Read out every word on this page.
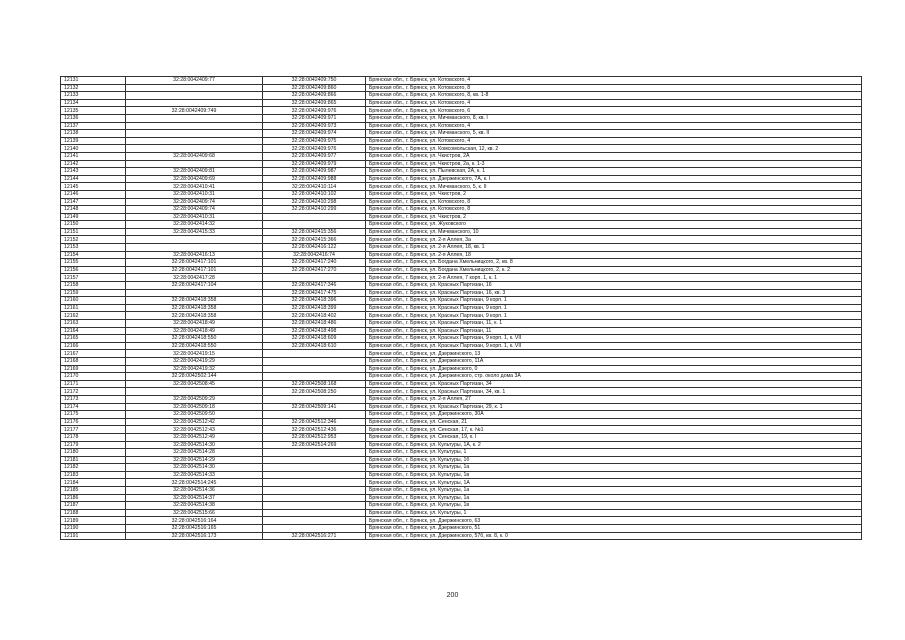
12131	32:28:0042409:77	32:28:0042409:750	Брянская обл., г. Брянск, ул. Котовского, 4
12132		32:28:0042409:860	Брянская обл., г. Брянск, ул. Котовского, 8
12133		32:28:0042409:866	Брянская обл., г. Брянск, ул. Котовского, 8, кв. 1-8
12134		32:28:0042409:865	Брянская обл., г. Брянск, ул. Котовского, 4
12135	32:28:0042409:749	32:28:0042409:976	Брянская обл., г. Брянск, ул. Котовского, 6
12136		32:28:0042409:971	Брянская обл., г. Брянск, ул. Мичманского, 8, кв. I
12137		32:28:0042409:973	Брянская обл., г. Брянск, ул. Котовского, 4
12138		32:28:0042409:974	Брянская обл., г. Брянск, ул. Мичманского, 5, кв. II
12139		32:28:0042409:975	Брянская обл., г. Брянск, ул. Котовского, 4
12140		32:28:0042409:976	Брянская обл., г. Брянск, ул. Комсомольская, 12, кв. 2
12141	32:28:0042409:68	32:28:0042409:977	Брянская обл., г. Брянск, ул. Чкистров, 2А
12142		32:28:0042409:979	Брянская обл., г. Брянск, ул. Чкистров, 2а, к. 1-3
12143	32:28:0042409:81	32:28:0042409:987	Брянская обл., г. Брянск, ул. Пылевская, 2А, к. 1
12144	32:28:0042409:69	32:28:0042409:988	Брянская обл., г. Брянск, ул. Дзержинского, 7А, к. I
12145	32:28:0042410:41	32:28:0042410:114	Брянская обл., г. Брянск, ул. Мичманского, 5, к. II
12146	32:28:0042410:31	32:28:0042410:102	Брянская обл., г. Брянск, ул. Чкистров, 2
12147	32:28:0042409:74	32:28:0042410:298	Брянская обл., г. Брянск, ул. Котовского, 8
12148	32:28:0042409:74	32:28:0042410:299	Брянская обл., г. Брянск, ул. Котовского, 8
12149	32:28:0042410:31		Брянская обл., г. Брянск, ул. Чкистров, 2
12150	32:28:0042414:32		Брянская обл., г. Брянск, ул. Жуковского
12151	32:28:0042415:33	32:28:0042415:356	Брянская обл., г. Брянск, ул. Мичманского, 10
12152		32:28:0042415:366	Брянская обл., г. Брянск, ул. 2-я Аллея, 3а
12153		32:28:0042416:122	Брянская обл., г. Брянск, ул. 2-я Аллея, 18, кв. 1
12154	32:28:0042416:13	32:28:0042416:74	Брянская обл., г. Брянск, ул. 2-я Аллея, 18
12155	32:28:0042417:101	32:28:0042417:240	Брянская обл., г. Брянск, ул. Богдана Хмельницкого, 2, кв. 8
12156	32:28:0042417:101	32:28:0042417:270	Брянская обл., г. Брянск, ул. Богдана Хмельницкого, 2, к. 2
12157	32:28:0042417:28		Брянская обл., г. Брянск, ул. 2-я Аллея, 7 корп. 1, к. 1
12158	32:28:0042417:104	32:28:0042417:346	Брянская обл., г. Брянск, ул. Красных Партизан, 16
12159		32:28:0042417:475	Брянская обл., г. Брянск, ул. Красных Партизан, 16, кв. 3
12160	32:28:0042418:358	32:28:0042418:396	Брянская обл., г. Брянск, ул. Красных Партизан, 9 корп. 1
12161	32:28:0042418:358	32:28:0042418:399	Брянская обл., г. Брянск, ул. Красных Партизан, 9 корп. 1
12162	32:28:0042418:358	32:28:0042418:402	Брянская обл., г. Брянск, ул. Красных Партизан, 9 корп. 1
12163	32:28:0042418:49	32:28:0042418:486	Брянская обл., г. Брянск, ул. Красных Партизан, 11, к. 1
12164	32:28:0042418:49	32:28:0042418:498	Брянская обл., г. Брянск, ул. Красных Партизан, 11
12165	32:28:0042418:550	32:28:0042418:609	Брянская обл., г. Брянск, ул. Красных Партизан, 9 корп. 1, к. VII
12166	32:28:0042418:550	32:28:0042418:610	Брянская обл., г. Брянск, ул. Красных Партизан, 9 корп. 1, к. VII
12167	32:28:0042419:15		Брянская обл., г. Брянск, ул. Дзержинского, 13
12168	32:28:0042419:29		Брянская обл., г. Брянск, ул. Дзержинского, 11А
12169	32:28:0042419:32		Брянская обл., г. Брянск, ул. Дзержинского, 0
12170	32:28:0042502:144		Брянская обл., г. Брянск, ул. Дзержинского, стр. около дома 3А
12171	32:28:0042508:45	32:28:0042508:168	Брянская обл., г. Брянск, ул. Красных Партизан, 34
12172		32:28:0042508:250	Брянская обл., г. Брянск, ул. Красных Партизан, 34, кв. 1
12173	32:28:0042509:29		Брянская обл., г. Брянск, ул. 2-я Аллея, 27
12174	32:28:0042509:18	32:28:0042509:141	Брянская обл., г. Брянск, ул. Красных Партизан, 29, к. 1
12175	32:28:0042509:50		Брянская обл., г. Брянск, ул. Дзержинского, 30А
12176	32:28:0042512:42	32:28:0042512:346	Брянская обл., г. Брянск, ул. Сенская, 21
12177	32:28:0042512:43	32:28:0042512:436	Брянская обл., г. Брянск, ул. Сенская, 17, к. №1
12178	32:28:0042512:49	32:28:0042512:953	Брянская обл., г. Брянск, ул. Сенская, 19, к. I
12179	32:28:0042514:30	32:28:0042514:269	Брянская обл., г. Брянск, ул. Культуры, 1А, к. 2
12180	32:28:0042514:28		Брянская обл., г. Брянск, ул. Культуры, 1
12181	32:28:0042514:29		Брянская обл., г. Брянск, ул. Культуры, 1б
12182	32:28:0042514:30		Брянская обл., г. Брянск, ул. Культуры, 1а
12183	32:28:0042514:33		Брянская обл., г. Брянск, ул. Культуры, 1в
12184	32:28:0042514:245		Брянская обл., г. Брянск, ул. Культуры, 1А
12185	32:28:0042514:36		Брянская обл., г. Брянск, ул. Культуры, 1а
12186	32:28:0042514:37		Брянская обл., г. Брянск, ул. Культуры, 1а
12187	32:28:0042514:38		Брянская обл., г. Брянск, ул. Культуры, 1в
12188	32:28:0042515:66		Брянская обл., г. Брянск, ул. Культуры, 1
12189	32:28:0042516:164		Брянская обл., г. Брянск, ул. Дзержинского, 63
12190	32:28:0042516:165		Брянская обл., г. Брянск, ул. Дзержинского, 51
12191	32:28:0042516:173	32:28:0042516:271	Брянская обл., г. Брянск, ул. Дзержинского, 57б, кв. 8, к. 0
200
